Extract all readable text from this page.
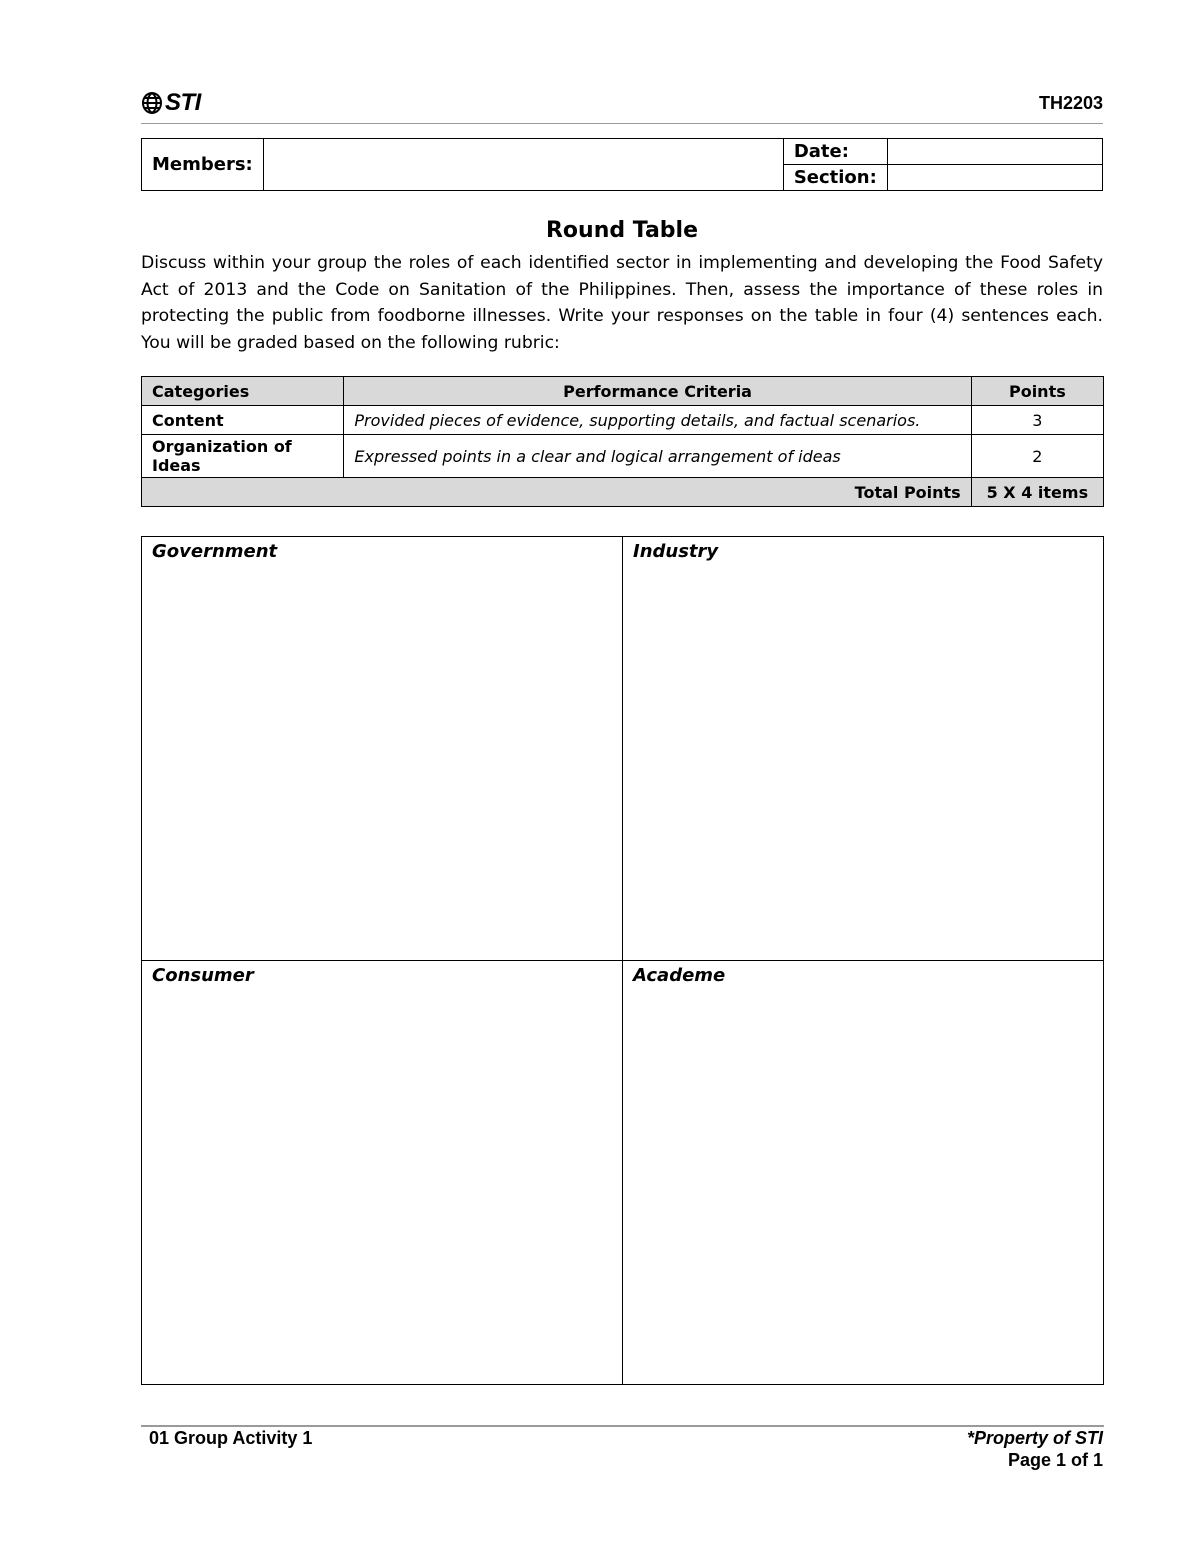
STI	TH2203
Members:		Date:	
		Section:	
Round Table
Discuss within your group the roles of each identified sector in implementing and developing the Food Safety Act of 2013 and the Code on Sanitation of the Philippines. Then, assess the importance of these roles in protecting the public from foodborne illnesses. Write your responses on the table in four (4) sentences each. You will be graded based on the following rubric:
Categories	Performance Criteria	Points
Content	Provided pieces of evidence, supporting details, and factual scenarios.	3
Organization of Ideas	Expressed points in a clear and logical arrangement of ideas	2
Total Points		5 X 4 items
Government	Industry
Consumer	Academe
01 Group Activity 1	*Property of STI
Page 1 of 1
